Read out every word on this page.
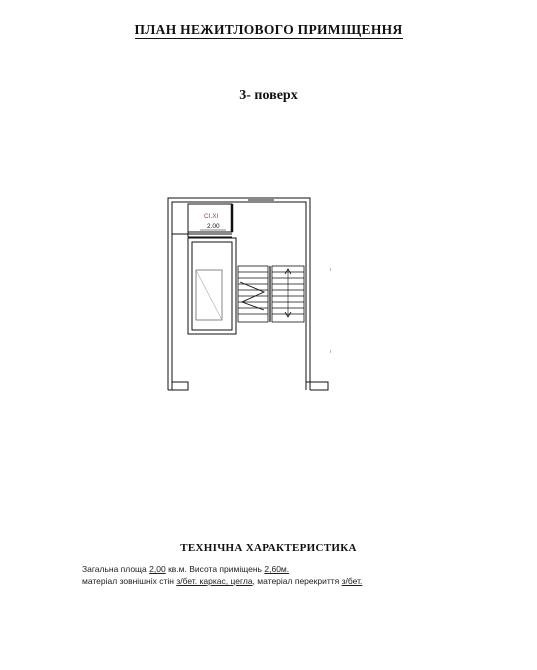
ПЛАН НЕЖИТЛОВОГО ПРИМІЩЕННЯ
3- поверх
CI.XI
2.00
ТЕХНІЧНА ХАРАКТЕРИСТИКА
Загальна площа 2,00 кв.м. Висота приміщень 2,60м.
матеріал зовнішніх стін з/бет. каркас, цегла, матеріал перекриття з/бет.
